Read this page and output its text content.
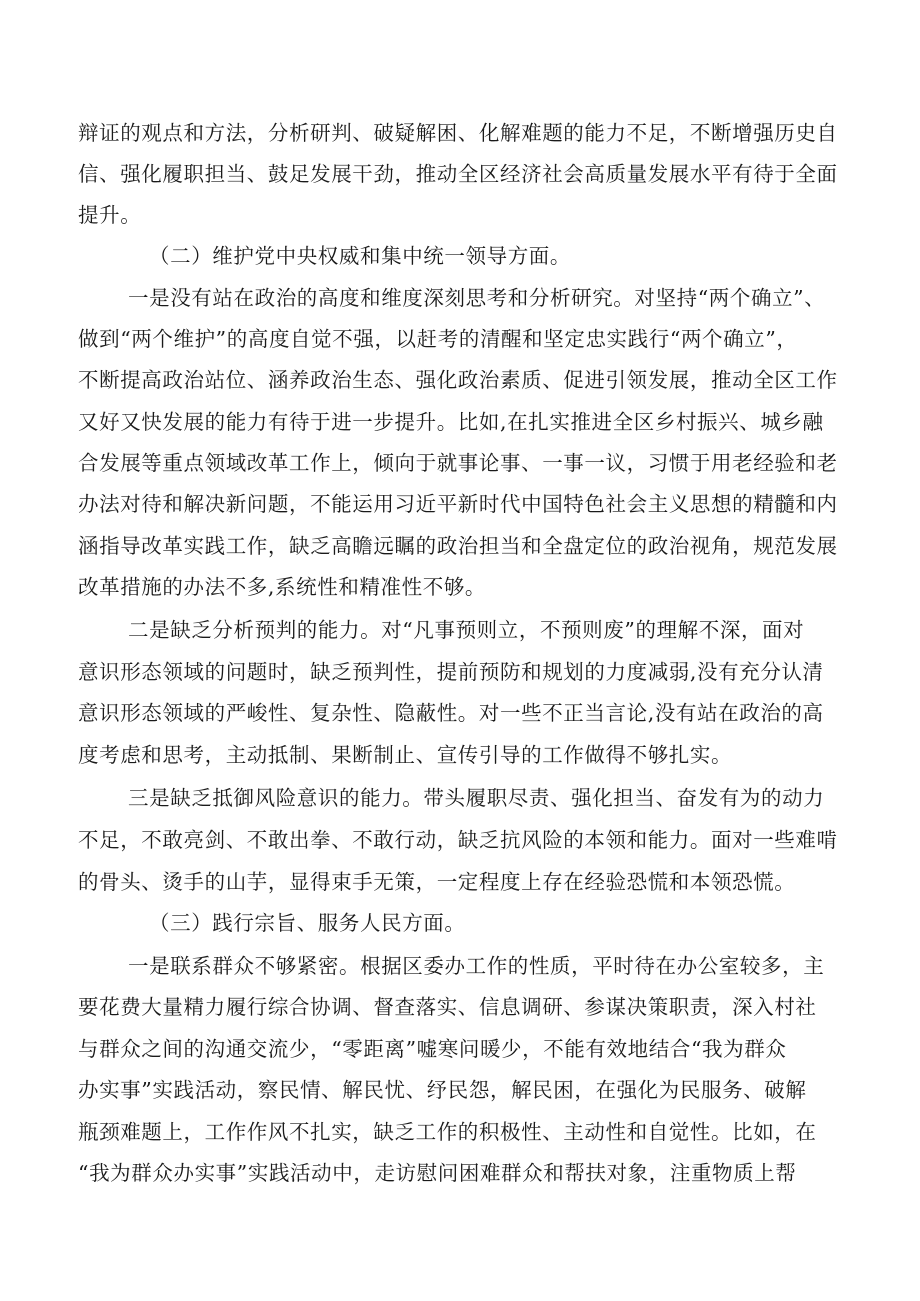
辩证的观点和方法，分析研判、破疑解困、化解难题的能力不足，不断增强历史自
信、强化履职担当、鼓足发展干劲，推动全区经济社会高质量发展水平有待于全面
提升。
（二）维护党中央权威和集中统一领导方面。
一是没有站在政治的高度和维度深刻思考和分析研究。对坚持“两个确立”、
做到“两个维护”的高度自觉不强，以赶考的清醒和坚定忠实践行“两个确立”，
不断提高政治站位、涵养政治生态、强化政治素质、促进引领发展，推动全区工作
又好又快发展的能力有待于进一步提升。比如,在扎实推进全区乡村振兴、城乡融
合发展等重点领域改革工作上，倾向于就事论事、一事一议，习惯于用老经验和老
办法对待和解决新问题，不能运用习近平新时代中国特色社会主义思想的精髓和内
涵指导改革实践工作，缺乏高瞻远瞩的政治担当和全盘定位的政治视角，规范发展
改革措施的办法不多,系统性和精准性不够。
二是缺乏分析预判的能力。对“凡事预则立，不预则废”的理解不深，面对
意识形态领域的问题时，缺乏预判性，提前预防和规划的力度减弱,没有充分认清
意识形态领域的严峻性、复杂性、隐蔽性。对一些不正当言论,没有站在政治的高
度考虑和思考，主动抵制、果断制止、宣传引导的工作做得不够扎实。
三是缺乏抵御风险意识的能力。带头履职尽责、强化担当、奋发有为的动力
不足，不敢亮剑、不敢出拳、不敢行动，缺乏抗风险的本领和能力。面对一些难啃
的骨头、烫手的山芋，显得束手无策，一定程度上存在经验恐慌和本领恐慌。
（三）践行宗旨、服务人民方面。
一是联系群众不够紧密。根据区委办工作的性质，平时待在办公室较多，主
要花费大量精力履行综合协调、督查落实、信息调研、参谋决策职责，深入村社
与群众之间的沟通交流少，“零距离”嘘寒问暖少，不能有效地结合“我为群众
办实事”实践活动，察民情、解民忧、纾民怨，解民困，在强化为民服务、破解
瓶颈难题上，工作作风不扎实，缺乏工作的积极性、主动性和自觉性。比如，在
“我为群众办实事”实践活动中，走访慰问困难群众和帮扶对象，注重物质上帮
